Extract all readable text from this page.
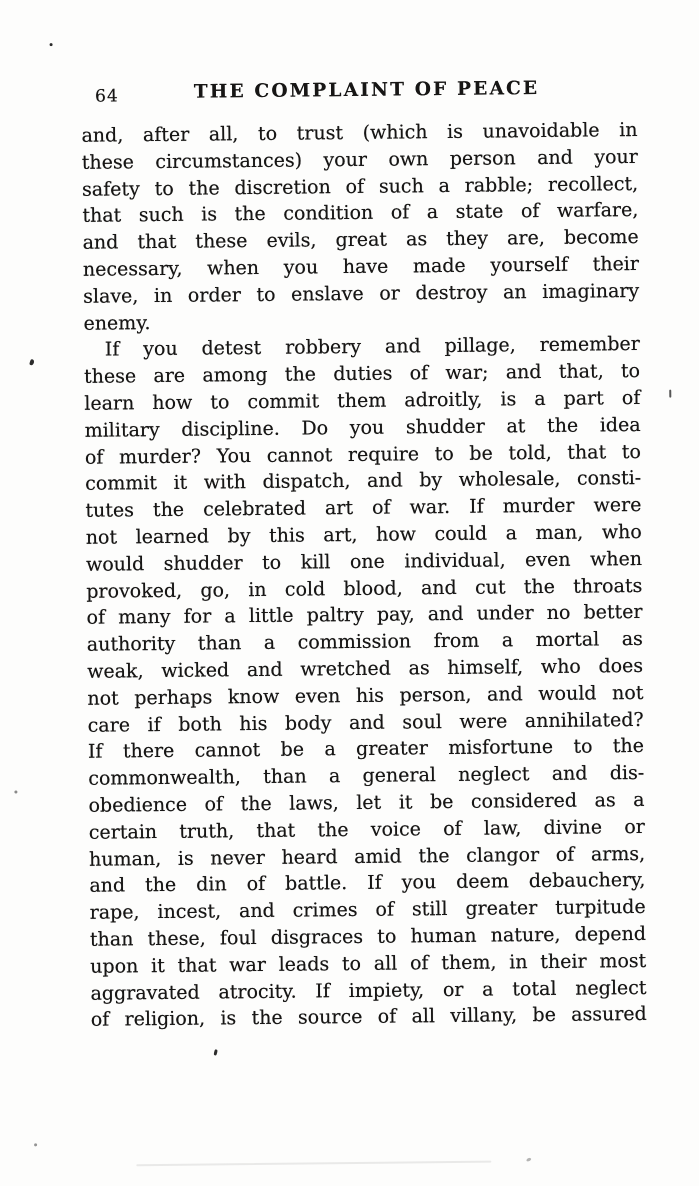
64	THE COMPLAINT OF PEACE
and, after all, to trust (which is unavoidable in
these circumstances) your own person and your
safety to the discretion of such a rabble; recollect,
that such is the condition of a state of warfare,
and that these evils, great as they are, become
necessary, when you have made yourself their
slave, in order to enslave or destroy an imaginary
enemy.
If you detest robbery and pillage, remember
these are among the duties of war; and that, to
learn how to commit them adroitly, is a part of
military discipline. Do you shudder at the idea
of murder? You cannot require to be told, that to
commit it with dispatch, and by wholesale, consti-
tutes the celebrated art of war. If murder were
not learned by this art, how could a man, who
would shudder to kill one individual, even when
provoked, go, in cold blood, and cut the throats
of many for a little paltry pay, and under no better
authority than a commission from a mortal as
weak, wicked and wretched as himself, who does
not perhaps know even his person, and would not
care if both his body and soul were annihilated?
If there cannot be a greater misfortune to the
commonwealth, than a general neglect and dis-
obedience of the laws, let it be considered as a
certain truth, that the voice of law, divine or
human, is never heard amid the clangor of arms,
and the din of battle. If you deem debauchery,
rape, incest, and crimes of still greater turpitude
than these, foul disgraces to human nature, depend
upon it that war leads to all of them, in their most
aggravated atrocity. If impiety, or a total neglect
of religion, is the source of all villany, be assured
